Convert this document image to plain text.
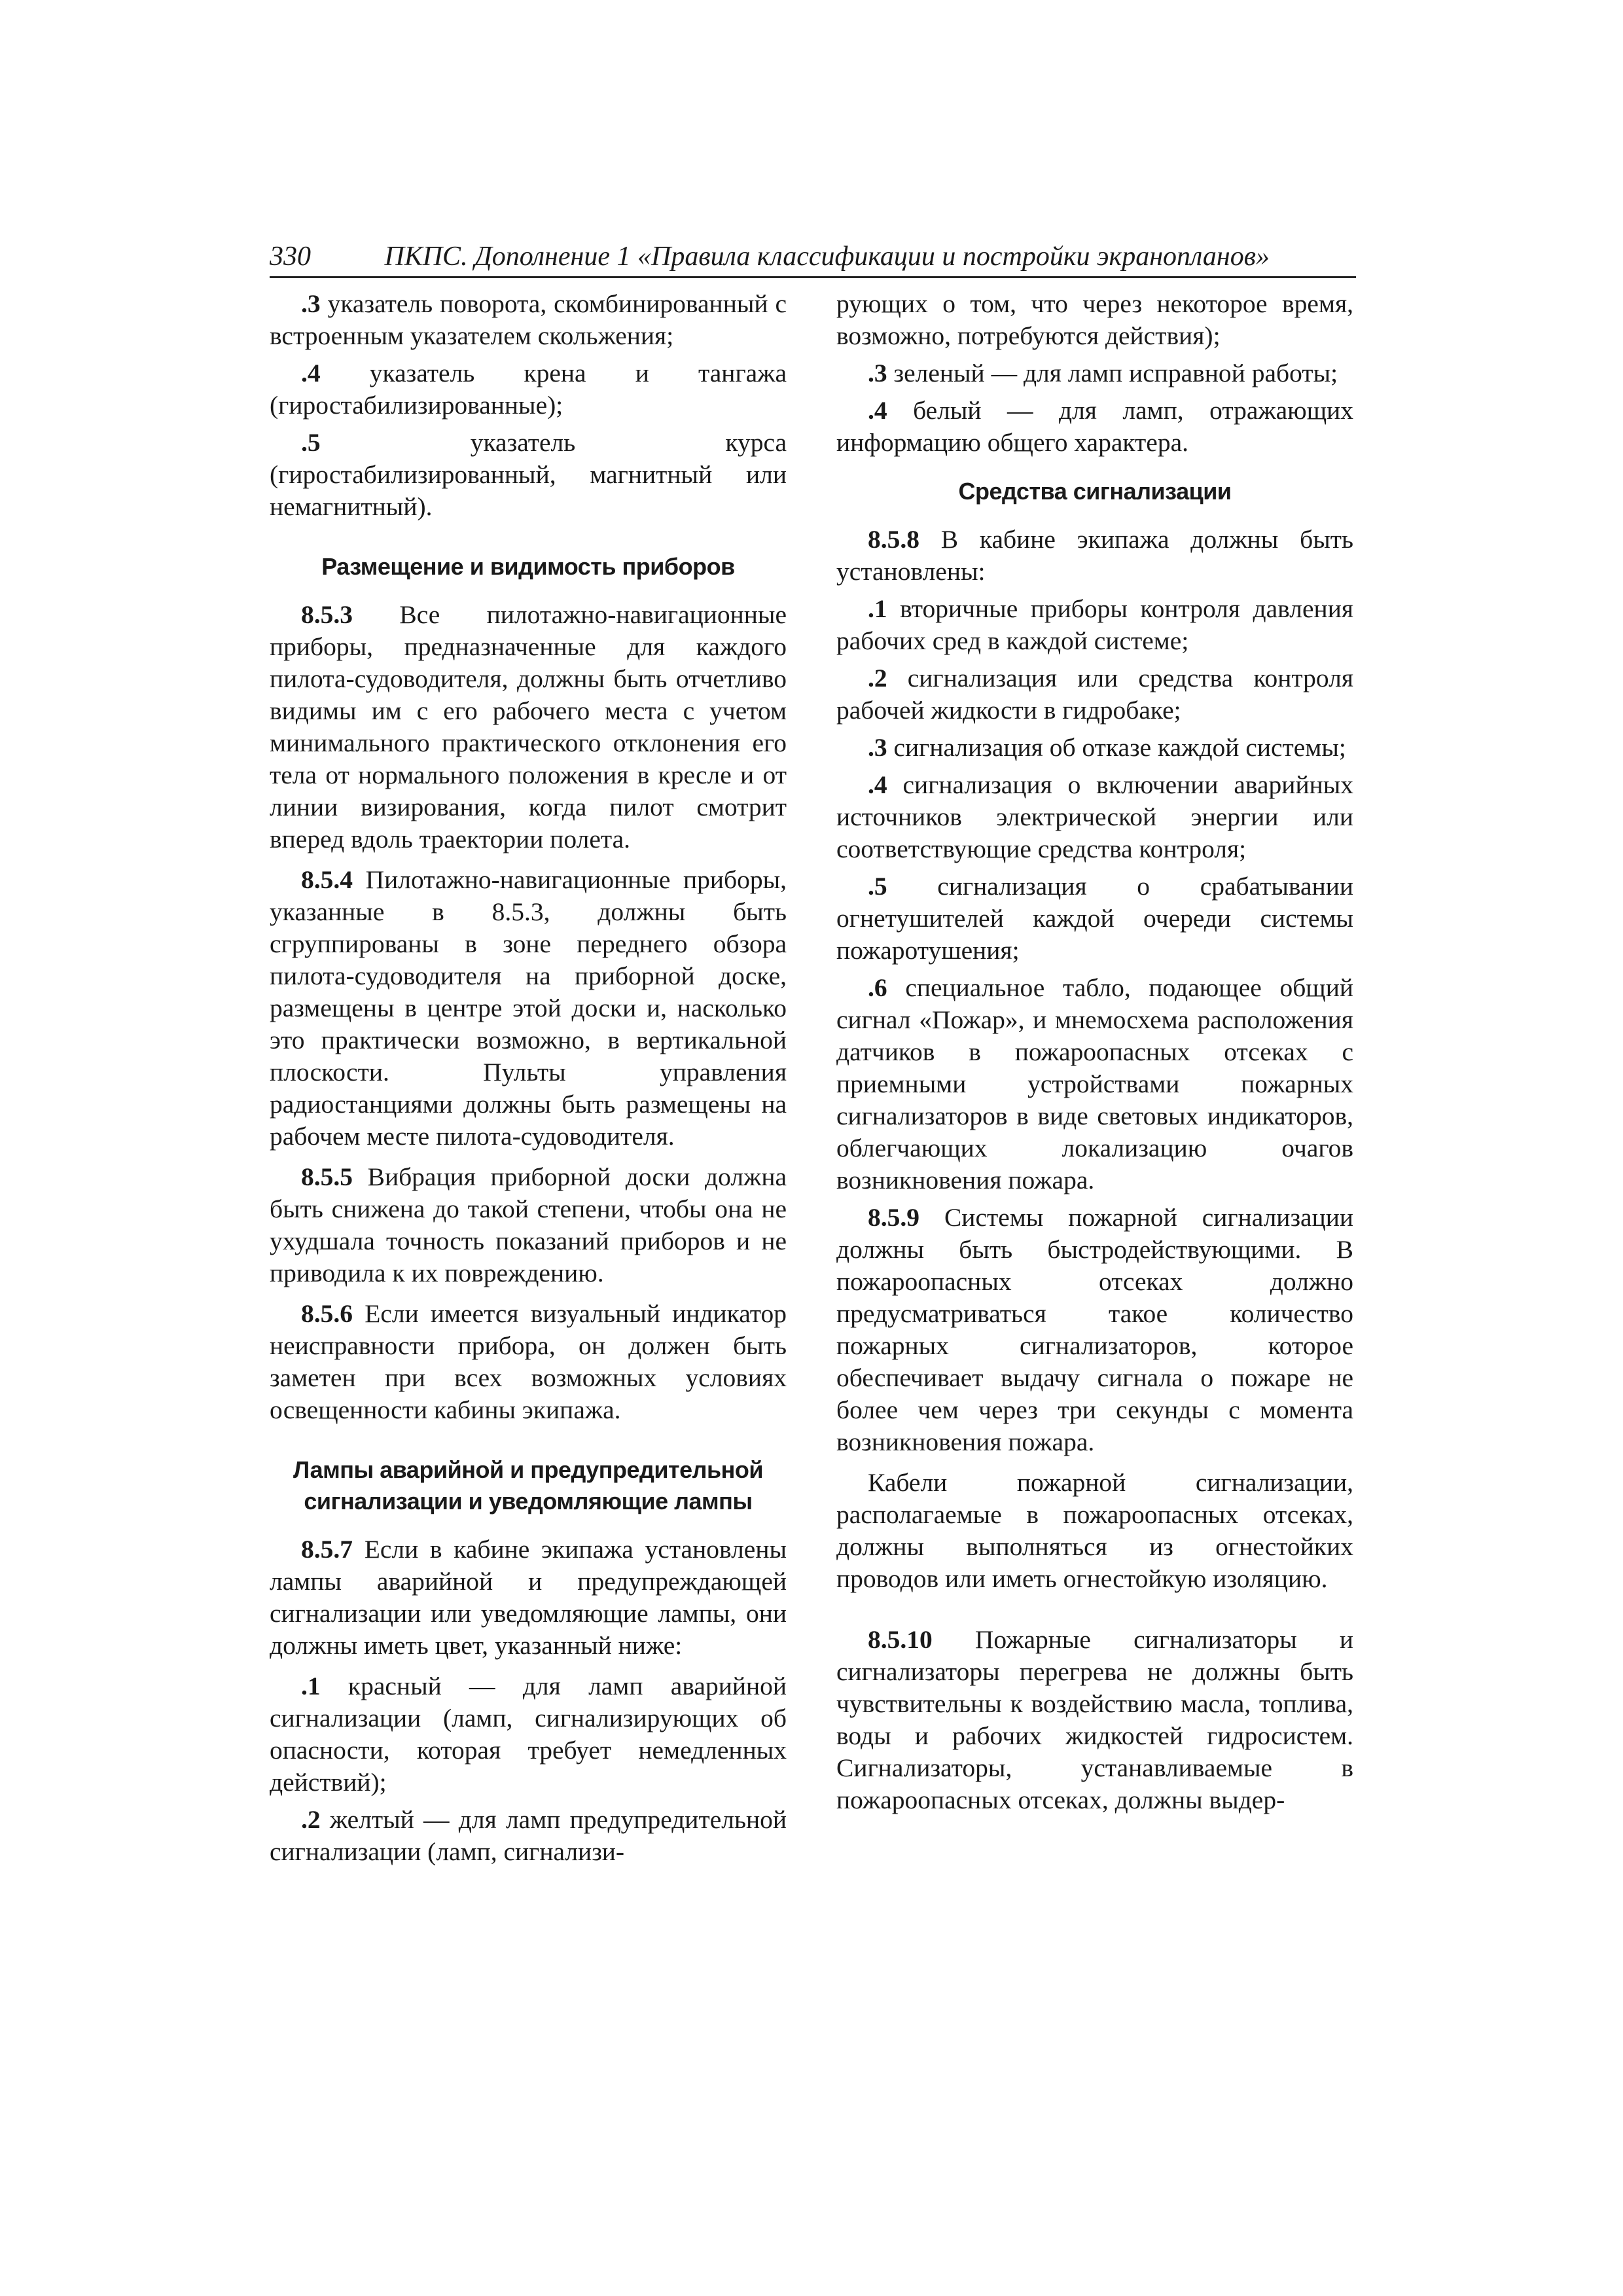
330	ПКПС. Дополнение 1 «Правила классификации и постройки экранопланов»

.3 указатель поворота, скомбинированный с встроенным указателем скольжения;

.4 указатель крена и тангажа (гиростабилизированные);

.5	указатель курса (гиростабилизированный, магнитный или немагнитный).

Размещение и видимость приборов

8.5.3 Все пилотажно-навигационные приборы, предназначенные для каждого пилота-судоводителя, должны быть отчетливо видимы им с его рабочего места с учетом минимального практического отклонения его тела от нормального положения в кресле и от линии визирования, когда пилот смотрит вперед вдоль траектории полета.

8.5.4 Пилотажно-навигационные приборы, указанные в 8.5.3, должны быть сгруппированы в зоне переднего обзора пилота-судоводителя на приборной доске, размещены в центре этой доски и, насколько это практически возможно, в вертикальной плоскости. Пульты управления радиостанциями должны быть размещены на рабочем месте пилота-судоводителя.

8.5.5 Вибрация приборной доски должна быть снижена до такой степени, чтобы она не ухудшала точность показаний приборов и не приводила к их повреждению.

8.5.6 Если имеется визуальный индикатор неисправности прибора, он должен быть заметен при всех возможных условиях освещенности кабины экипажа.

Лампы аварийной и предупредительной
сигнализации и уведомляющие лампы

8.5.7 Если в кабине экипажа установлены лампы аварийной и предупреждающей сигнализации или уведомляющие лампы, они должны иметь цвет, указанный ниже:

.1 красный — для ламп аварийной сигнализации (ламп, сигнализирующих об опасности, которая требует немедленных действий);

.2 желтый — для ламп предупредительной сигнализации (ламп, сигнализи-

рующих о том, что через некоторое время, возможно, потребуются действия);

.3 зеленый — для ламп исправной работы;

.4 белый — для ламп, отражающих информацию общего характера.

Средства сигнализации

8.5.8 В кабине экипажа должны быть установлены:

.1 вторичные приборы контроля давления рабочих сред в каждой системе;

.2 сигнализация или средства контроля рабочей жидкости в гидробаке;

.3 сигнализация об отказе каждой системы;

.4 сигнализация о включении аварийных источников электрической энергии или соответствующие средства контроля;

.5 сигнализация о срабатывании огнетушителей каждой очереди системы пожаротушения;

.6 специальное табло, подающее общий сигнал «Пожар», и мнемосхема расположения датчиков в пожароопасных отсеках с приемными устройствами пожарных сигнализаторов в виде световых индикаторов, облегчающих локализацию очагов возникновения пожара.

8.5.9 Системы пожарной сигнализации должны быть быстродействующими. В пожароопасных отсеках должно предусматриваться такое количество пожарных сигнализаторов, которое обеспечивает выдачу сигнала о пожаре не более чем через три секунды с момента возникновения пожара.

Кабели пожарной сигнализации, располагаемые в пожароопасных отсеках, должны выполняться из огнестойких проводов или иметь огнестойкую изоляцию.

8.5.10 Пожарные сигнализаторы и сигнализаторы перегрева не должны быть чувствительны к воздействию масла, топлива, воды и рабочих жидкостей гидросистем. Сигнализаторы, устанавливаемые в пожароопасных отсеках, должны выдер-
